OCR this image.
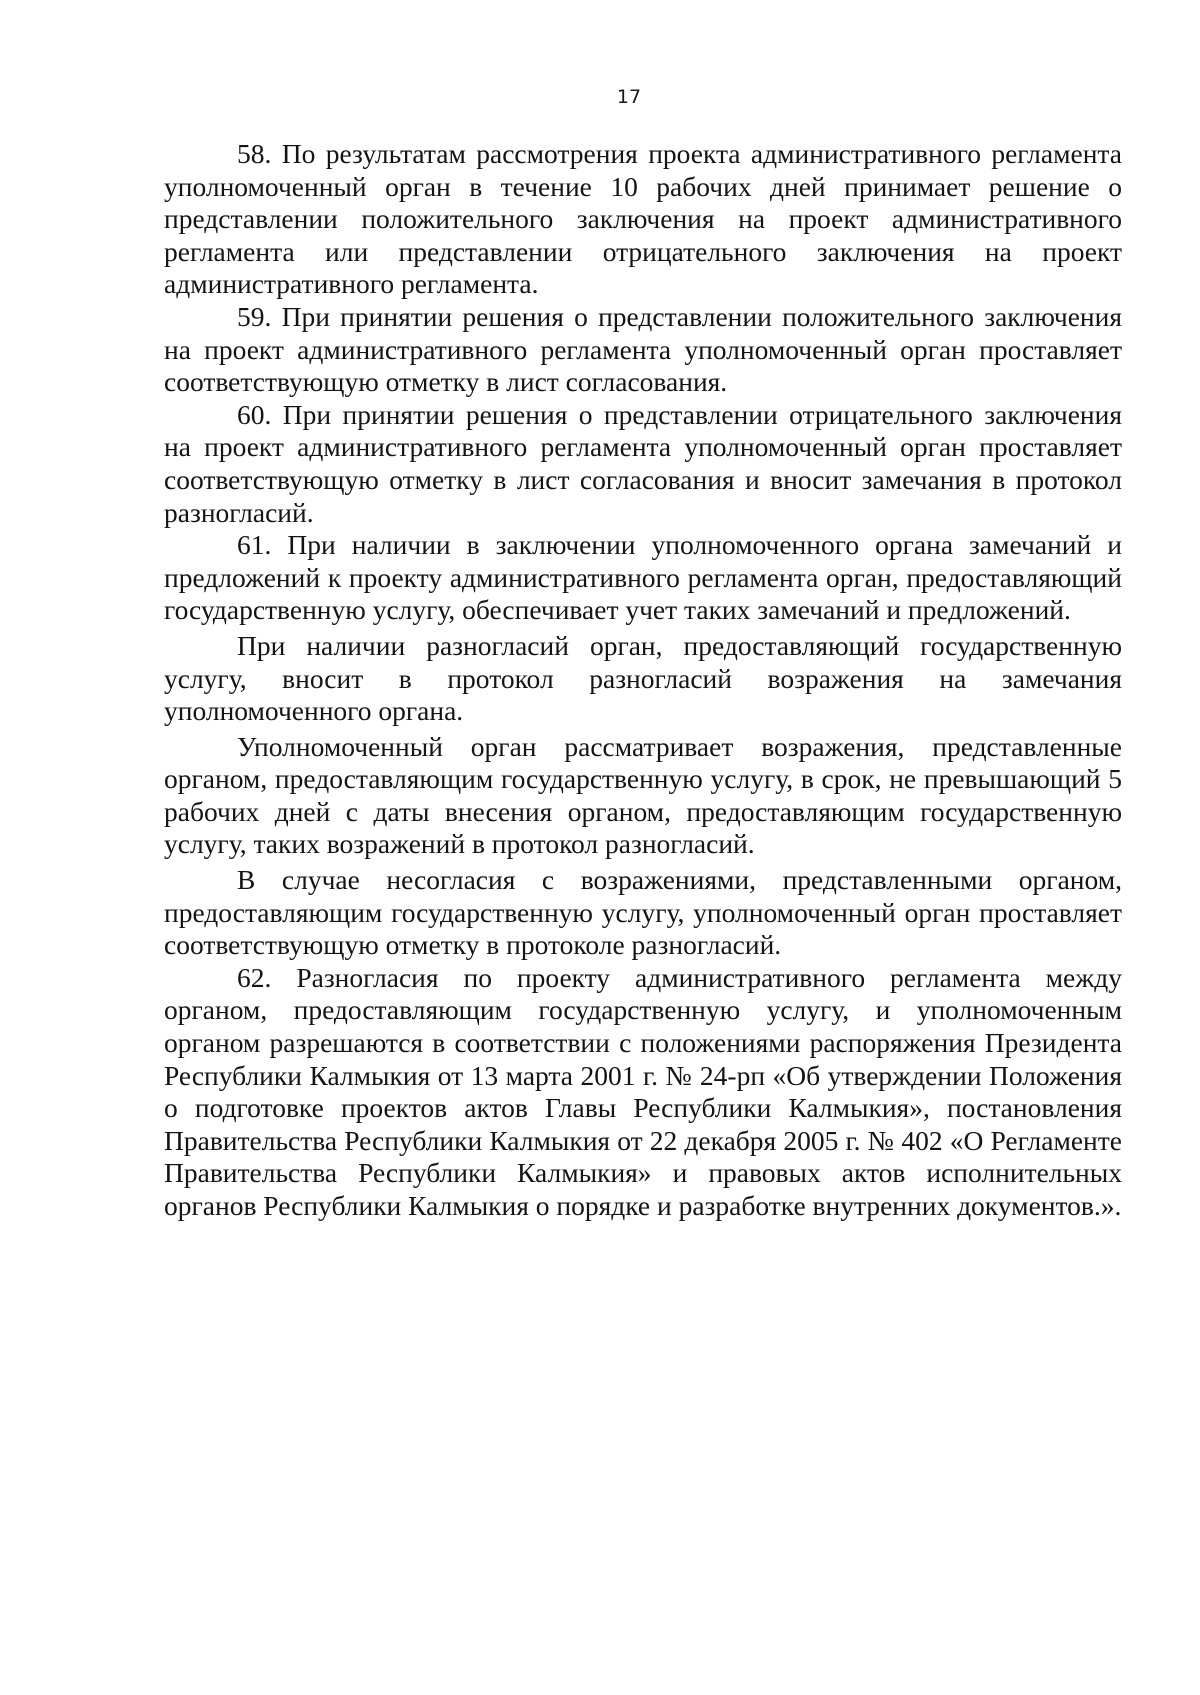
17

58. По результатам рассмотрения проекта административного регламента уполномоченный орган в течение 10 рабочих дней принимает решение о представлении положительного заключения на проект административного регламента или представлении отрицательного заключения на проект административного регламента.

59. При принятии решения о представлении положительного заключения на проект административного регламента уполномоченный орган проставляет соответствующую отметку в лист согласования.

60. При принятии решения о представлении отрицательного заключения на проект административного регламента уполномоченный орган проставляет соответствующую отметку в лист согласования и вносит замечания в протокол разногласий.

61. При наличии в заключении уполномоченного органа замечаний и предложений к проекту административного регламента орган, предоставляющий государственную услугу, обеспечивает учет таких замечаний и предложений.

При наличии разногласий орган, предоставляющий государственную услугу, вносит в протокол разногласий возражения на замечания уполномоченного органа.

Уполномоченный орган рассматривает возражения, представленные органом, предоставляющим государственную услугу, в срок, не превышающий 5 рабочих дней с даты внесения органом, предоставляющим государственную услугу, таких возражений в протокол разногласий.

В случае несогласия с возражениями, представленными органом, предоставляющим государственную услугу, уполномоченный орган проставляет соответствующую отметку в протоколе разногласий.

62. Разногласия по проекту административного регламента между органом, предоставляющим государственную услугу, и уполномоченным органом разрешаются в соответствии с положениями распоряжения Президента Республики Калмыкия от 13 марта 2001 г. № 24-рп «Об утверждении Положения о подготовке проектов актов Главы Республики Калмыкия», постановления Правительства Республики Калмыкия от 22 декабря 2005 г. № 402 «О Регламенте Правительства Республики Калмыкия» и правовых актов исполнительных органов Республики Калмыкия о порядке и разработке внутренних документов.».
